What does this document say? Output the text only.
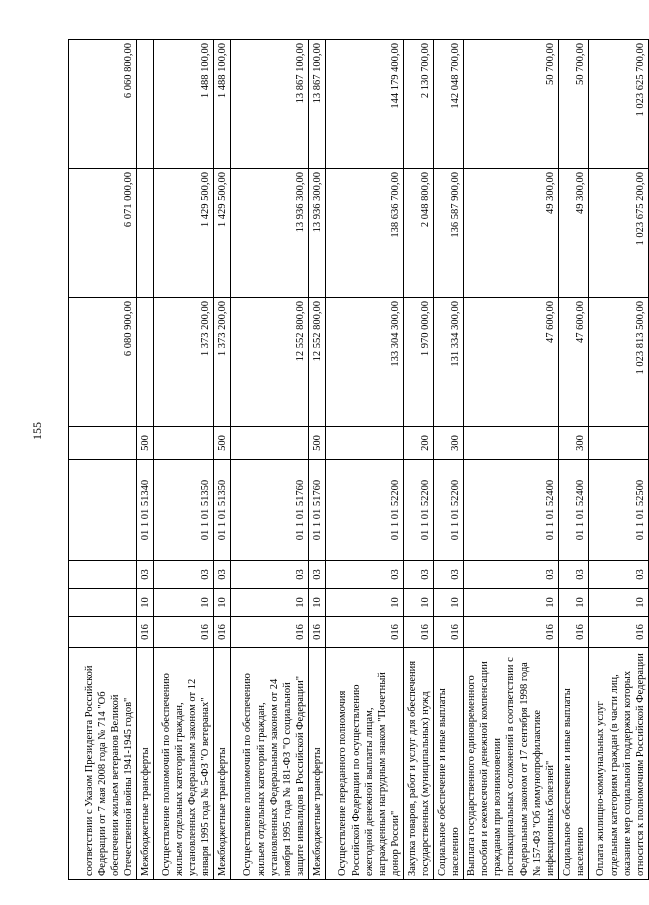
155
соответствии с Указом Президента Российской Федерации от 7 мая 2008 года № 714 "Об обеспечении жильем ветеранов Великой Отечественной войны 1941-1945 годов"						6 080 900,00	6 071 000,00	6 060 800,00
Межбюджетные трансферты	016	10	03	01 1 01 51340	500			
Осуществление полномочий по обеспечению жильем отдельных категорий граждан, установленных Федеральным законом от 12 января 1995 года № 5-ФЗ "О ветеранах"	016	10	03	01 1 01 51350		1 373 200,00	1 429 500,00	1 488 100,00
Межбюджетные трансферты	016	10	03	01 1 01 51350	500	1 373 200,00	1 429 500,00	1 488 100,00
Осуществление полномочий по обеспечению жильем отдельных категорий граждан, установленных Федеральным законом от 24 ноября 1995 года № 181-ФЗ "О социальной защите инвалидов в Российской Федерации"	016	10	03	01 1 01 51760		12 552 800,00	13 936 300,00	13 867 100,00
Межбюджетные трансферты	016	10	03	01 1 01 51760	500	12 552 800,00	13 936 300,00	13 867 100,00
Осуществление переданного полномочия Российской Федерации по осуществлению ежегодной денежной выплаты лицам, награжденным нагрудным знаком "Почетный донор России"	016	10	03	01 1 01 52200		133 304 300,00	138 636 700,00	144 179 400,00
Закупка товаров, работ и услуг для обеспечения государственных (муниципальных) нужд	016	10	03	01 1 01 52200	200	1 970 000,00	2 048 800,00	2 130 700,00
Социальное обеспечение и иные выплаты населению	016	10	03	01 1 01 52200	300	131 334 300,00	136 587 900,00	142 048 700,00
Выплата государственного единовременного пособия и ежемесячной денежной компенсации гражданам при возникновении поствакцинальных осложнений в соответствии с Федеральным законом от 17 сентября 1998 года № 157-ФЗ "Об иммунопрофилактике инфекционных болезней"	016	10	03	01 1 01 52400		47 600,00	49 300,00	50 700,00
Социальное обеспечение и иные выплаты населению	016	10	03	01 1 01 52400	300	47 600,00	49 300,00	50 700,00
Оплата жилищно-коммунальных услуг отдельным категориям граждан (в части лиц, оказание мер социальной поддержки которых относится к полномочиям Российской Федерации	016	10	03	01 1 01 52500		1 023 813 500,00	1 023 675 200,00	1 023 625 700,00
